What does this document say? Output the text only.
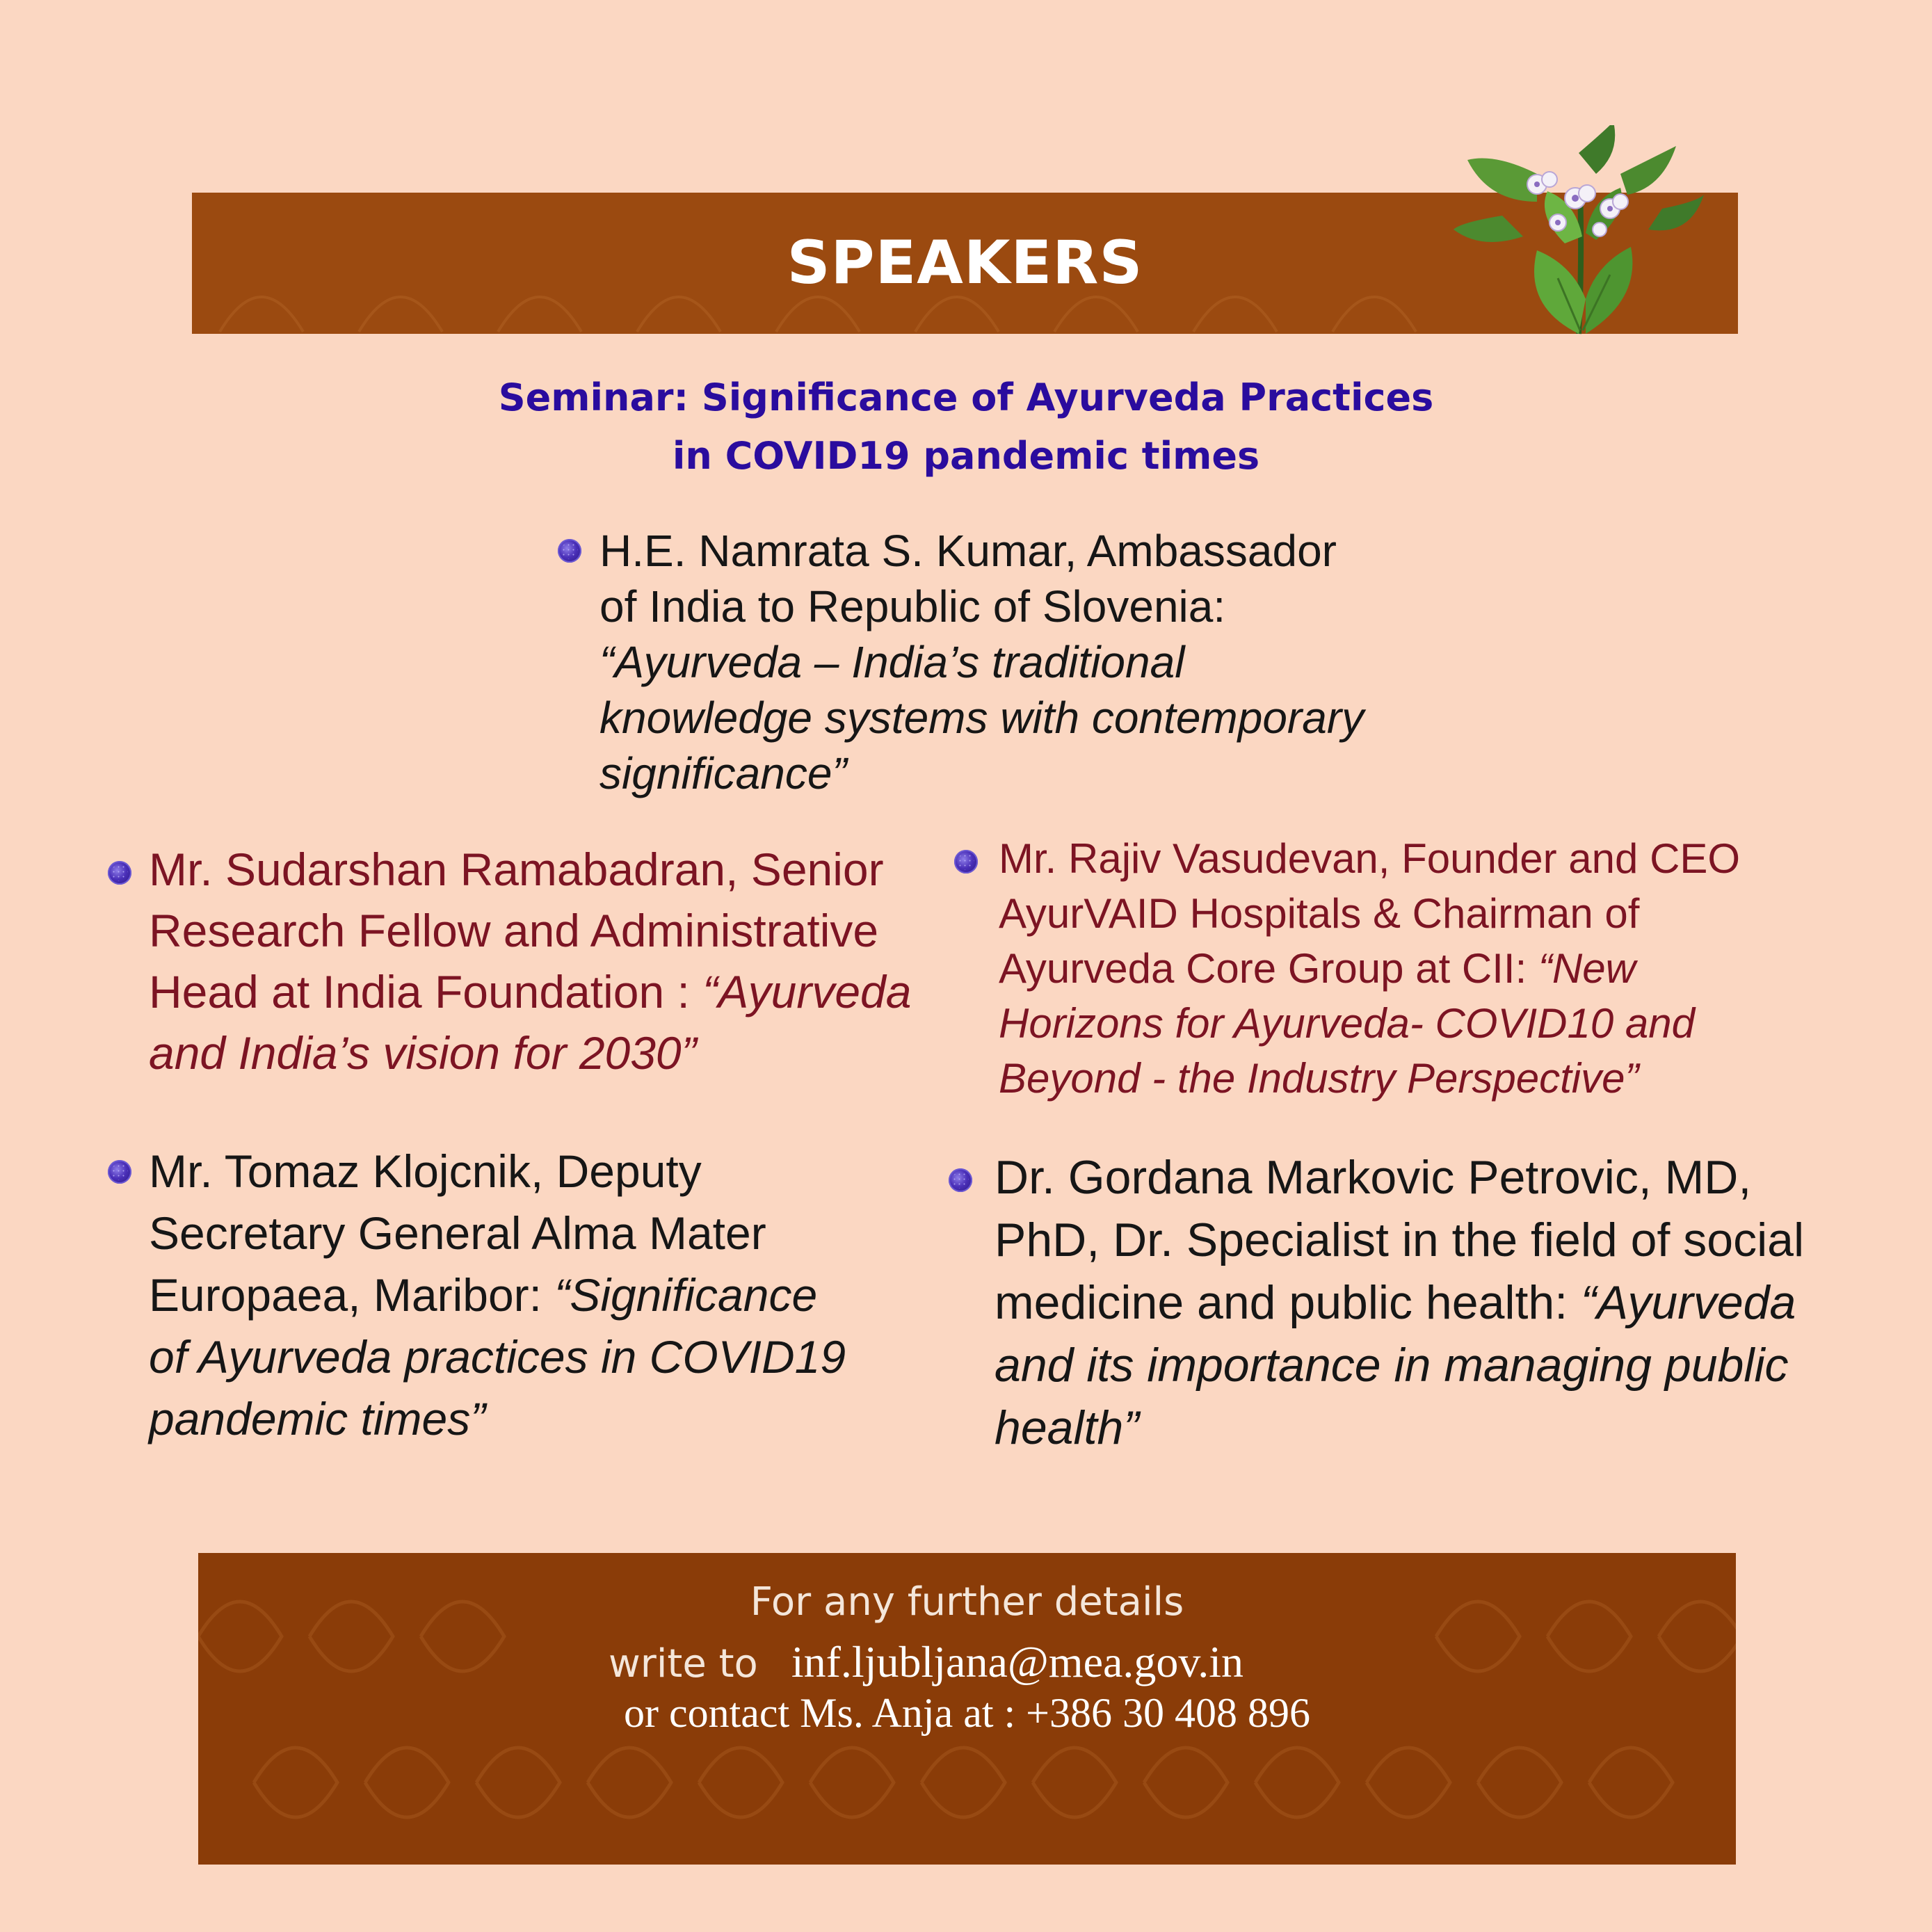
SPEAKERS
Seminar: Significance of Ayurveda Practices
in COVID19 pandemic times
H.E. Namrata S. Kumar, Ambassador
of India to Republic of Slovenia:
“Ayurveda – India’s traditional
knowledge systems with contemporary
significance”
Mr. Sudarshan Ramabadran, Senior
Research Fellow and Administrative
Head at India Foundation : “Ayurveda
and India’s vision for 2030”
Mr. Rajiv Vasudevan, Founder and CEO
AyurVAID Hospitals & Chairman of
Ayurveda Core Group at CII: “New
Horizons for Ayurveda- COVID10 and
Beyond - the Industry Perspective”
Mr. Tomaz Klojcnik, Deputy
Secretary General Alma Mater
Europaea, Maribor: “Significance
of Ayurveda practices in COVID19
pandemic times”
Dr. Gordana Markovic Petrovic, MD,
PhD, Dr. Specialist in the field of social
medicine and public health: “Ayurveda
and its importance in managing public
health”
For any further details
write to inf.ljubljana@mea.gov.in
or contact Ms. Anja at : +386 30 408 896
